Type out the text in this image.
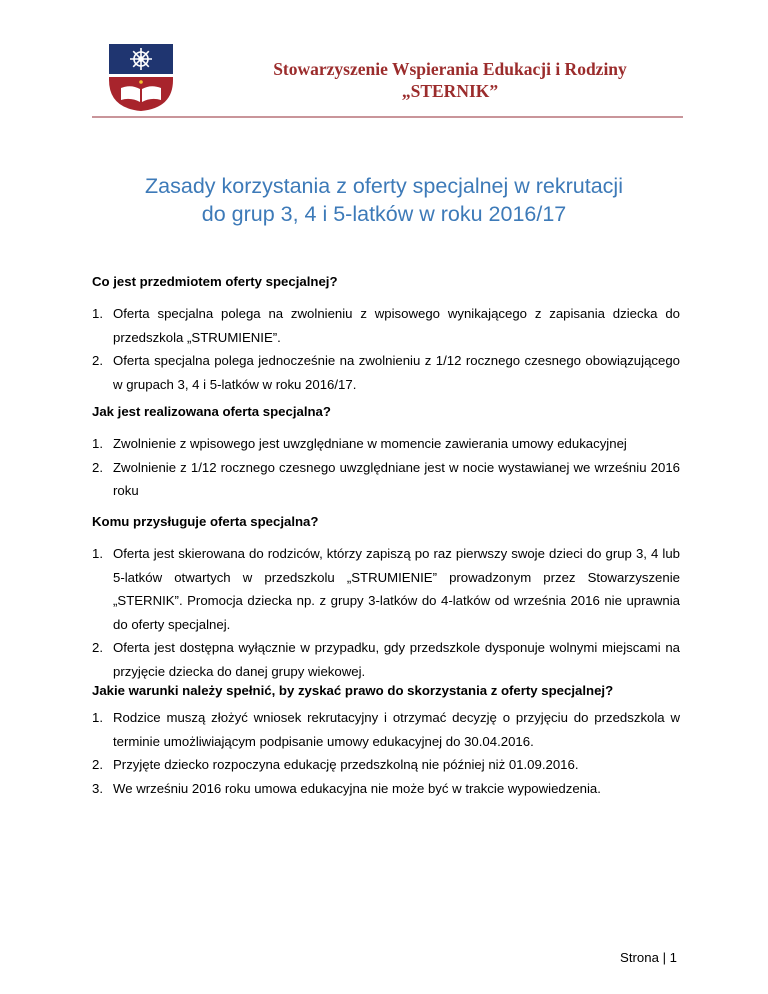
Stowarzyszenie Wspierania Edukacji i Rodziny
„STERNIK”
Zasady korzystania z oferty specjalnej w rekrutacji
do grup 3, 4 i 5-latków w roku 2016/17

Co jest przedmiotem oferty specjalnej?

1. Oferta specjalna polega na zwolnieniu z wpisowego wynikającego z zapisania dziecka do przedszkola „STRUMIENIE”.
2. Oferta specjalna polega jednocześnie na zwolnieniu z 1/12 rocznego czesnego obowiązującego w grupach 3, 4 i 5-latków w roku 2016/17.

Jak jest realizowana oferta specjalna?

1. Zwolnienie z wpisowego jest uwzględniane w momencie zawierania umowy edukacyjnej
2. Zwolnienie z 1/12 rocznego czesnego uwzględniane jest w nocie wystawianej we wrześniu 2016 roku

Komu przysługuje oferta specjalna?

1. Oferta jest skierowana do rodziców, którzy zapiszą po raz pierwszy swoje dzieci do grup 3, 4 lub 5-latków otwartych w przedszkolu „STRUMIENIE” prowadzonym przez Stowarzyszenie „STERNIK”. Promocja dziecka np. z grupy 3-latków do 4-latków od września 2016 nie uprawnia do oferty specjalnej.
2. Oferta jest dostępna wyłącznie w przypadku, gdy przedszkole dysponuje wolnymi miejscami na przyjęcie dziecka do danej grupy wiekowej.

Jakie warunki należy spełnić, by zyskać prawo do skorzystania z oferty specjalnej?

1. Rodzice muszą złożyć wniosek rekrutacyjny i otrzymać decyzję o przyjęciu do przedszkola w terminie umożliwiającym podpisanie umowy edukacyjnej do 30.04.2016.
2. Przyjęte dziecko rozpoczyna edukację przedszkolną nie później niż 01.09.2016.
3. We wrześniu 2016 roku umowa edukacyjna nie może być w trakcie wypowiedzenia.
Strona | 1
